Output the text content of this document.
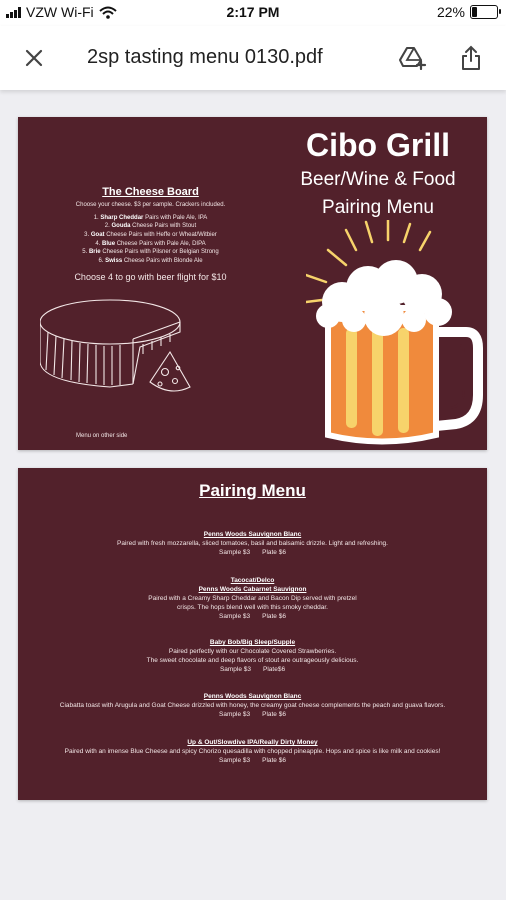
VZW Wi-Fi	2:17 PM	22%
2sp tasting menu 0130.pdf
The Cheese Board
Choose your cheese. $3 per sample. Crackers included.
1. Sharp Cheddar Pairs with Pale Ale, IPA
2. Gouda Cheese Pairs with Stout
3. Goat Cheese Pairs with Heffe or Wheat/Witbier
4. Blue Cheese Pairs with Pale Ale, DIPA
5. Brie Cheese Pairs with Pilsner or Belgian Strong
6. Swiss Cheese Pairs with Blonde Ale
Choose 4 to go with beer flight for $10
Menu on other side
Cibo Grill
Beer/Wine & Food
Pairing Menu
Pairing Menu
Penns Woods Sauvignon Blanc
Paired with fresh mozzarella, sliced tomatoes, basil and balsamic drizzle. Light and refreshing.
Sample $3 Plate $6
Tacocat/Delco
Penns Woods Cabarnet Sauvignon
Paired with a Creamy Sharp Cheddar and Bacon Dip served with pretzel
crisps. The hops blend well with this smoky cheddar.
Sample $3 Plate $6
Baby Bob/Big Sleep/Supple
Paired perfectly with our Chocolate Covered Strawberries.
The sweet chocolate and deep flavors of stout are outrageously delicious.
Sample $3 Plate$6
Penns Woods Sauvignon Blanc
Ciabatta toast with Arugula and Goat Cheese drizzled with honey, the creamy goat cheese complements the peach and guava flavors.
Sample $3 Plate $6
Up & Out/Slowdive IPA/Really Dirty Money
Paired with an imense Blue Cheese and spicy Chorizo quesadilla with chopped pineapple. Hops and spice is like milk and cookies!
Sample $3 Plate $6
